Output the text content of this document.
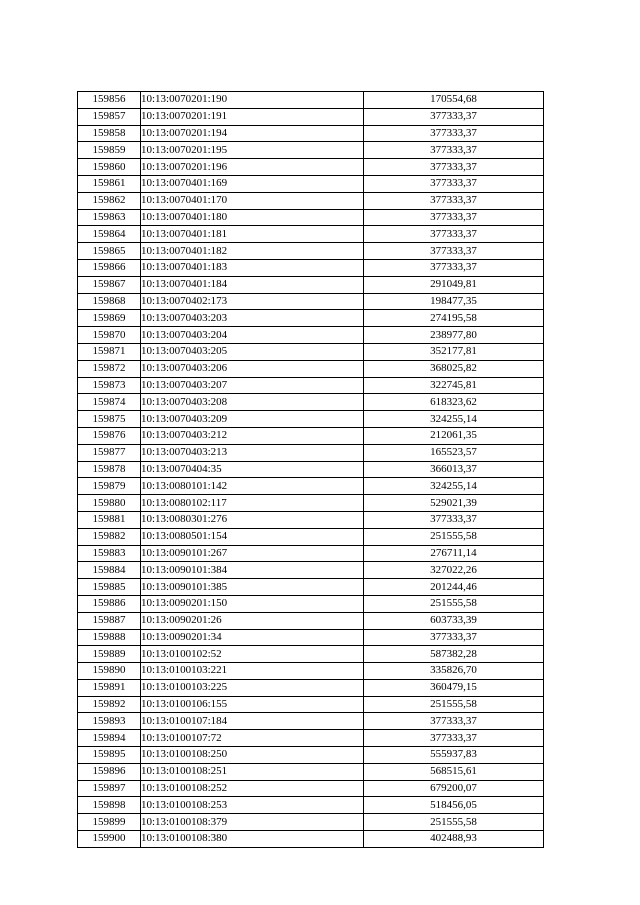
159856	10:13:0070201:190	170554,68
159857	10:13:0070201:191	377333,37
159858	10:13:0070201:194	377333,37
159859	10:13:0070201:195	377333,37
159860	10:13:0070201:196	377333,37
159861	10:13:0070401:169	377333,37
159862	10:13:0070401:170	377333,37
159863	10:13:0070401:180	377333,37
159864	10:13:0070401:181	377333,37
159865	10:13:0070401:182	377333,37
159866	10:13:0070401:183	377333,37
159867	10:13:0070401:184	291049,81
159868	10:13:0070402:173	198477,35
159869	10:13:0070403:203	274195,58
159870	10:13:0070403:204	238977,80
159871	10:13:0070403:205	352177,81
159872	10:13:0070403:206	368025,82
159873	10:13:0070403:207	322745,81
159874	10:13:0070403:208	618323,62
159875	10:13:0070403:209	324255,14
159876	10:13:0070403:212	212061,35
159877	10:13:0070403:213	165523,57
159878	10:13:0070404:35	366013,37
159879	10:13:0080101:142	324255,14
159880	10:13:0080102:117	529021,39
159881	10:13:0080301:276	377333,37
159882	10:13:0080501:154	251555,58
159883	10:13:0090101:267	276711,14
159884	10:13:0090101:384	327022,26
159885	10:13:0090101:385	201244,46
159886	10:13:0090201:150	251555,58
159887	10:13:0090201:26	603733,39
159888	10:13:0090201:34	377333,37
159889	10:13:0100102:52	587382,28
159890	10:13:0100103:221	335826,70
159891	10:13:0100103:225	360479,15
159892	10:13:0100106:155	251555,58
159893	10:13:0100107:184	377333,37
159894	10:13:0100107:72	377333,37
159895	10:13:0100108:250	555937,83
159896	10:13:0100108:251	568515,61
159897	10:13:0100108:252	679200,07
159898	10:13:0100108:253	518456,05
159899	10:13:0100108:379	251555,58
159900	10:13:0100108:380	402488,93
